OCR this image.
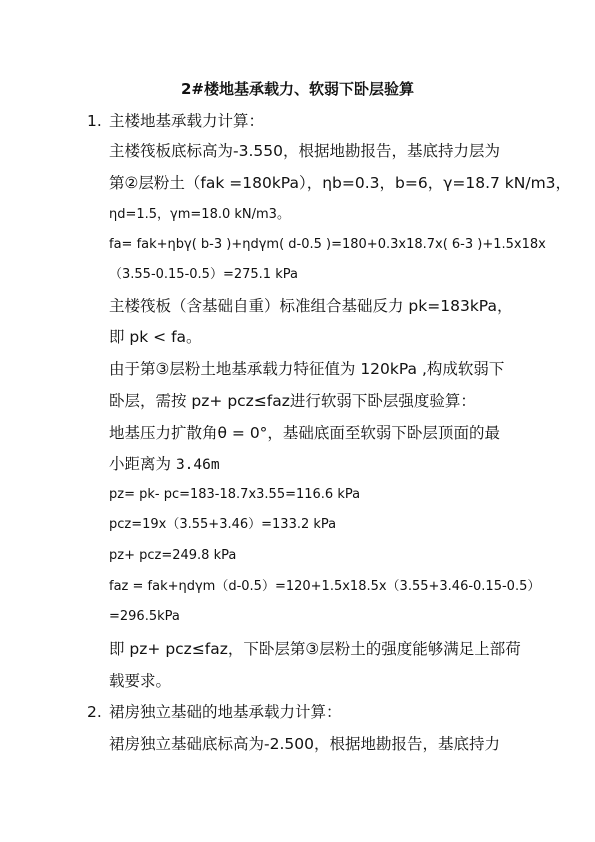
2#楼地基承载力、软弱下卧层验算
1. 主楼地基承载力计算：
主楼筏板底标高为-3.550，根据地勘报告，基底持力层为
第②层粉土（fak =180kPa），ηb=0.3，b=6，γ=18.7 kN/m3，
ηd=1.5，γm=18.0 kN/m3。
fa= fak+ηbγ( b-3 )+ηdγm( d-0.5 )=180+0.3x18.7x( 6-3 )+1.5x18x
（3.55-0.15-0.5）=275.1 kPa
主楼筏板（含基础自重）标准组合基础反力 pk=183kPa，
即 pk < fa。
由于第③层粉土地基承载力特征值为 120kPa ,构成软弱下
卧层，需按 pz+ pcz≤faz进行软弱下卧层强度验算：
地基压力扩散角θ = 0°，基础底面至软弱下卧层顶面的最
小距离为 3.46m
pz= pk- pc=183-18.7x3.55=116.6 kPa
pcz=19x（3.55+3.46）=133.2 kPa
pz+ pcz=249.8 kPa
faz = fak+ηdγm（d-0.5）=120+1.5x18.5x（3.55+3.46-0.15-0.5）
=296.5kPa
即 pz+ pcz≤faz，下卧层第③层粉土的强度能够满足上部荷
载要求。
2. 裙房独立基础的地基承载力计算：
裙房独立基础底标高为-2.500，根据地勘报告，基底持力
